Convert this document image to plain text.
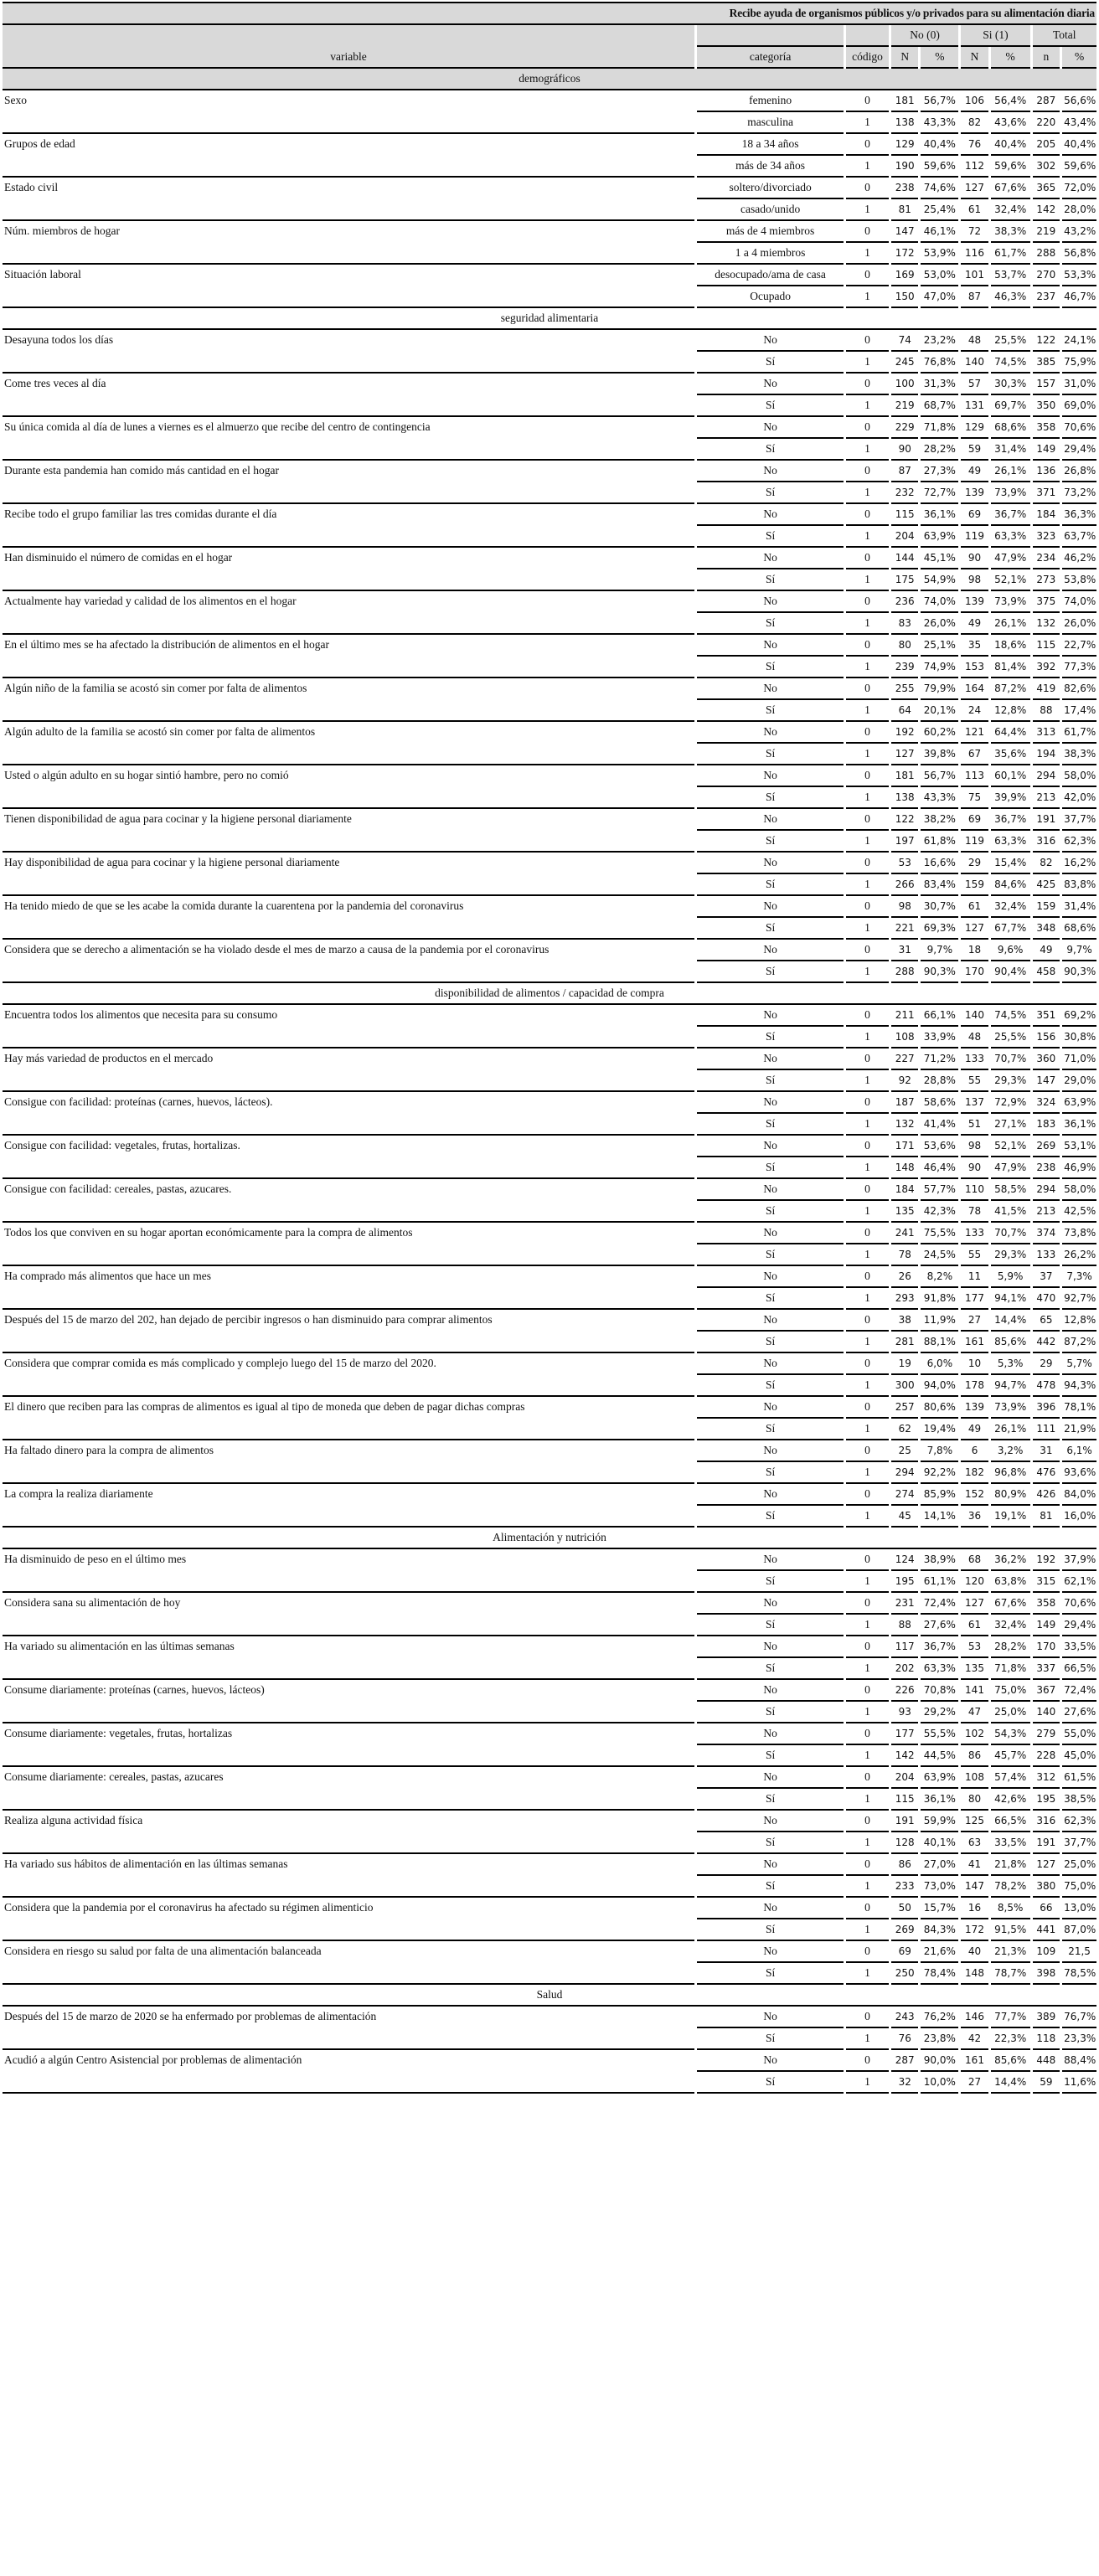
Recibe ayuda de organismos públicos y/o privados para su alimentación diaria								
			No (0)		Si (1)		Total	
variable	categoría	código	N	%	N	%	n	%
demográficos								
Sexo	femenino	0	181	56,7%	106	56,4%	287	56,6%
	masculina	1	138	43,3%	82	43,6%	220	43,4%
Grupos de edad	18 a 34 años	0	129	40,4%	76	40,4%	205	40,4%
	más de 34 años	1	190	59,6%	112	59,6%	302	59,6%
Estado civil	soltero/divorciado	0	238	74,6%	127	67,6%	365	72,0%
	casado/unido	1	81	25,4%	61	32,4%	142	28,0%
Núm. miembros de hogar	más de 4 miembros	0	147	46,1%	72	38,3%	219	43,2%
	1 a 4 miembros	1	172	53,9%	116	61,7%	288	56,8%
Situación laboral	desocupado/ama de casa	0	169	53,0%	101	53,7%	270	53,3%
	Ocupado	1	150	47,0%	87	46,3%	237	46,7%
seguridad alimentaria								
Desayuna todos los días	No	0	74	23,2%	48	25,5%	122	24,1%
	Sí	1	245	76,8%	140	74,5%	385	75,9%
Come tres veces al día	No	0	100	31,3%	57	30,3%	157	31,0%
	Sí	1	219	68,7%	131	69,7%	350	69,0%
Su única comida al día de lunes a viernes es el almuerzo que recibe del centro de contingencia	No	0	229	71,8%	129	68,6%	358	70,6%
	Sí	1	90	28,2%	59	31,4%	149	29,4%
Durante esta pandemia han comido más cantidad en el hogar	No	0	87	27,3%	49	26,1%	136	26,8%
	Sí	1	232	72,7%	139	73,9%	371	73,2%
Recibe todo el grupo familiar las tres comidas durante el día	No	0	115	36,1%	69	36,7%	184	36,3%
	Sí	1	204	63,9%	119	63,3%	323	63,7%
Han disminuido el número de comidas en el hogar	No	0	144	45,1%	90	47,9%	234	46,2%
	Sí	1	175	54,9%	98	52,1%	273	53,8%
Actualmente hay variedad y calidad de los alimentos en el hogar	No	0	236	74,0%	139	73,9%	375	74,0%
	Sí	1	83	26,0%	49	26,1%	132	26,0%
En el último mes se ha afectado la distribución de alimentos en el hogar	No	0	80	25,1%	35	18,6%	115	22,7%
	Sí	1	239	74,9%	153	81,4%	392	77,3%
Algún niño de la familia se acostó sin comer por falta de alimentos	No	0	255	79,9%	164	87,2%	419	82,6%
	Sí	1	64	20,1%	24	12,8%	88	17,4%
Algún adulto de la familia se acostó sin comer por falta de alimentos	No	0	192	60,2%	121	64,4%	313	61,7%
	Sí	1	127	39,8%	67	35,6%	194	38,3%
Usted o algún adulto en su hogar sintió hambre, pero no comió	No	0	181	56,7%	113	60,1%	294	58,0%
	Sí	1	138	43,3%	75	39,9%	213	42,0%
Tienen disponibilidad de agua para cocinar y la higiene personal diariamente	No	0	122	38,2%	69	36,7%	191	37,7%
	Sí	1	197	61,8%	119	63,3%	316	62,3%
Hay disponibilidad de agua para cocinar y la higiene personal diariamente	No	0	53	16,6%	29	15,4%	82	16,2%
	Sí	1	266	83,4%	159	84,6%	425	83,8%
Ha tenido miedo de que se les acabe la comida durante la cuarentena por la pandemia del coronavirus	No	0	98	30,7%	61	32,4%	159	31,4%
	Sí	1	221	69,3%	127	67,7%	348	68,6%
Considera que se derecho a alimentación se ha violado desde el mes de marzo a causa de la pandemia por el coronavirus	No	0	31	9,7%	18	9,6%	49	9,7%
	Sí	1	288	90,3%	170	90,4%	458	90,3%
disponibilidad de alimentos / capacidad de compra								
Encuentra todos los alimentos que necesita para su consumo	No	0	211	66,1%	140	74,5%	351	69,2%
	Sí	1	108	33,9%	48	25,5%	156	30,8%
Hay más variedad de productos en el mercado	No	0	227	71,2%	133	70,7%	360	71,0%
	Sí	1	92	28,8%	55	29,3%	147	29,0%
Consigue con facilidad: proteínas (carnes, huevos, lácteos).	No	0	187	58,6%	137	72,9%	324	63,9%
	Sí	1	132	41,4%	51	27,1%	183	36,1%
Consigue con facilidad: vegetales, frutas, hortalizas.	No	0	171	53,6%	98	52,1%	269	53,1%
	Sí	1	148	46,4%	90	47,9%	238	46,9%
Consigue con facilidad: cereales, pastas, azucares.	No	0	184	57,7%	110	58,5%	294	58,0%
	Sí	1	135	42,3%	78	41,5%	213	42,5%
Todos los que conviven en su hogar aportan económicamente para la compra de alimentos	No	0	241	75,5%	133	70,7%	374	73,8%
	Sí	1	78	24,5%	55	29,3%	133	26,2%
Ha comprado más alimentos que hace un mes	No	0	26	8,2%	11	5,9%	37	7,3%
	Sí	1	293	91,8%	177	94,1%	470	92,7%
Después del 15 de marzo del 202, han dejado de percibir ingresos o han disminuido para comprar alimentos	No	0	38	11,9%	27	14,4%	65	12,8%
	Sí	1	281	88,1%	161	85,6%	442	87,2%
Considera que comprar comida es más complicado y complejo luego del 15 de marzo del 2020.	No	0	19	6,0%	10	5,3%	29	5,7%
	Sí	1	300	94,0%	178	94,7%	478	94,3%
El dinero que reciben para las compras de alimentos es igual al tipo de moneda que deben de pagar dichas compras	No	0	257	80,6%	139	73,9%	396	78,1%
	Sí	1	62	19,4%	49	26,1%	111	21,9%
Ha faltado dinero para la compra de alimentos	No	0	25	7,8%	6	3,2%	31	6,1%
	Sí	1	294	92,2%	182	96,8%	476	93,6%
La compra la realiza diariamente	No	0	274	85,9%	152	80,9%	426	84,0%
	Sí	1	45	14,1%	36	19,1%	81	16,0%
Alimentación y nutrición								
Ha disminuido de peso en el último mes	No	0	124	38,9%	68	36,2%	192	37,9%
	Sí	1	195	61,1%	120	63,8%	315	62,1%
Considera sana su alimentación de hoy	No	0	231	72,4%	127	67,6%	358	70,6%
	Sí	1	88	27,6%	61	32,4%	149	29,4%
Ha variado su alimentación en las últimas semanas	No	0	117	36,7%	53	28,2%	170	33,5%
	Sí	1	202	63,3%	135	71,8%	337	66,5%
Consume diariamente: proteínas (carnes, huevos, lácteos)	No	0	226	70,8%	141	75,0%	367	72,4%
	Sí	1	93	29,2%	47	25,0%	140	27,6%
Consume diariamente: vegetales, frutas, hortalizas	No	0	177	55,5%	102	54,3%	279	55,0%
	Sí	1	142	44,5%	86	45,7%	228	45,0%
Consume diariamente: cereales, pastas, azucares	No	0	204	63,9%	108	57,4%	312	61,5%
	Sí	1	115	36,1%	80	42,6%	195	38,5%
Realiza alguna actividad física	No	0	191	59,9%	125	66,5%	316	62,3%
	Sí	1	128	40,1%	63	33,5%	191	37,7%
Ha variado sus hábitos de alimentación en las últimas semanas	No	0	86	27,0%	41	21,8%	127	25,0%
	Sí	1	233	73,0%	147	78,2%	380	75,0%
Considera que la pandemia por el coronavirus ha afectado su régimen alimenticio	No	0	50	15,7%	16	8,5%	66	13,0%
	Sí	1	269	84,3%	172	91,5%	441	87,0%
Considera en riesgo su salud por falta de una alimentación balanceada	No	0	69	21,6%	40	21,3%	109	21,5
	Sí	1	250	78,4%	148	78,7%	398	78,5%
Salud								
Después del 15 de marzo de 2020 se ha enfermado por problemas de alimentación	No	0	243	76,2%	146	77,7%	389	76,7%
	Sí	1	76	23,8%	42	22,3%	118	23,3%
Acudió a algún Centro Asistencial por problemas de alimentación	No	0	287	90,0%	161	85,6%	448	88,4%
	Sí	1	32	10,0%	27	14,4%	59	11,6%
